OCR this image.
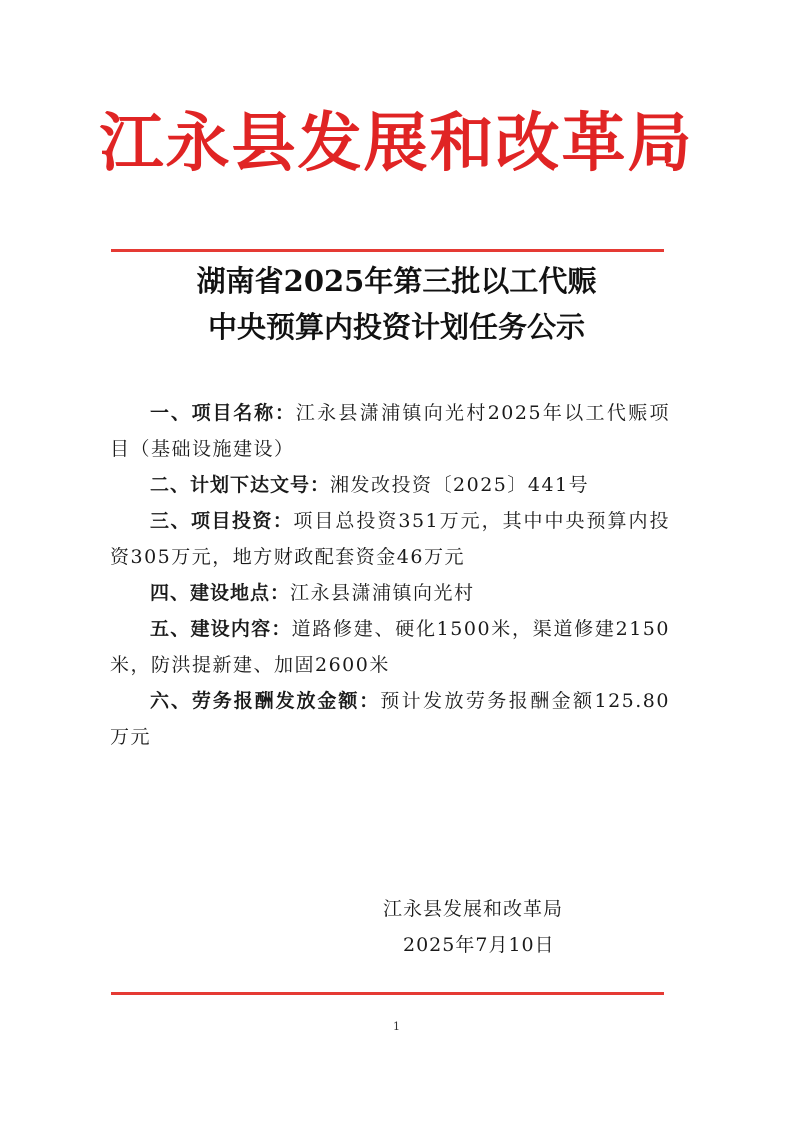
江永县发展和改革局
湖南省2025年第三批以工代赈
中央预算内投资计划任务公示

一、项目名称：江永县潇浦镇向光村2025年以工代赈项目（基础设施建设）

二、计划下达文号：湘发改投资〔2025〕441号

三、项目投资：项目总投资351万元，其中中央预算内投资305万元，地方财政配套资金46万元

四、建设地点：江永县潇浦镇向光村

五、建设内容：道路修建、硬化1500米，渠道修建2150米，防洪提新建、加固2600米

六、劳务报酬发放金额：预计发放劳务报酬金额125.80万元

江永县发展和改革局
2025年7月10日
1
